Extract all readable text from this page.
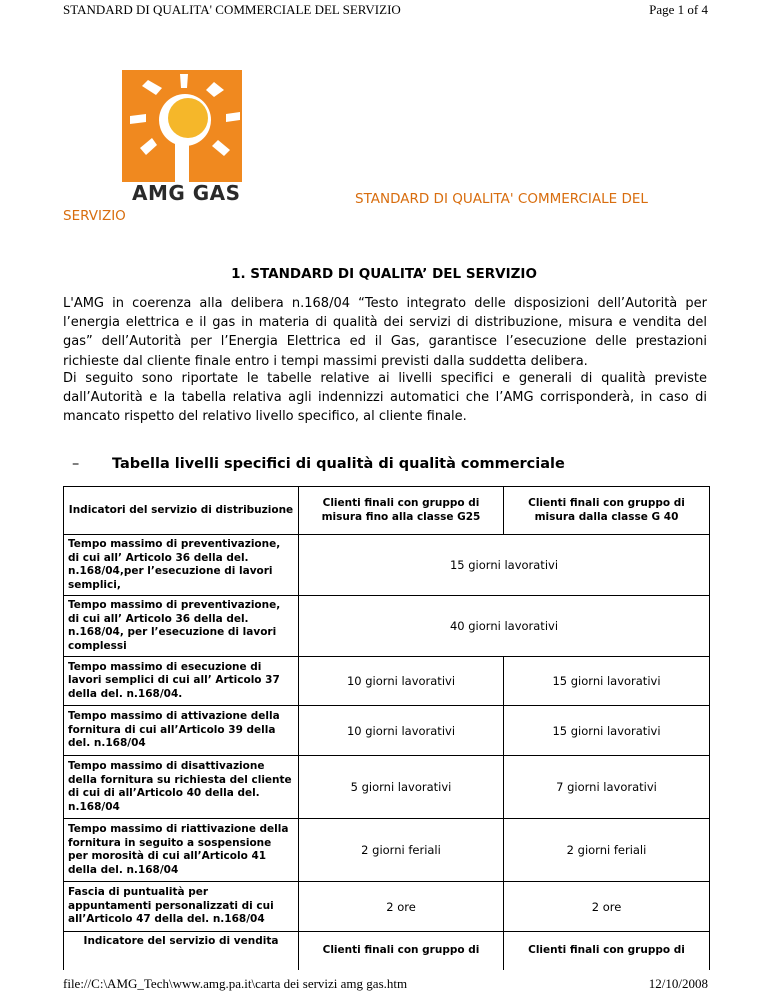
STANDARD DI QUALITA' COMMERCIALE DEL SERVIZIO	Page 1 of 4
AMG GAS	STANDARD DI QUALITA' COMMERCIALE DEL
SERVIZIO
1. STANDARD DI QUALITA’ DEL SERVIZIO
L'AMG in coerenza alla delibera n.168/04 “Testo integrato delle disposizioni dell’Autorità per l’energia elettrica e il gas in materia di qualità dei servizi di distribuzione, misura e vendita del gas” dell’Autorità per l’Energia Elettrica ed il Gas, garantisce l’esecuzione delle prestazioni richieste dal cliente finale entro i tempi massimi previsti dalla suddetta delibera.
Di seguito sono riportate le tabelle relative ai livelli specifici e generali di qualità previste dall’Autorità e la tabella relativa agli indennizzi automatici che l’AMG corrisponderà, in caso di mancato rispetto del relativo livello specifico, al cliente finale.
– Tabella livelli specifici di qualità di qualità commerciale
Indicatori del servizio di distribuzione	Clienti finali con gruppo di misura fino alla classe G25	Clienti finali con gruppo di misura dalla classe G 40
Tempo massimo di preventivazione, di cui all’ Articolo 36 della del. n.168/04,per l’esecuzione di lavori semplici,	15 giorni lavorativi	
Tempo massimo di preventivazione, di cui all’ Articolo 36 della del. n.168/04, per l’esecuzione di lavori complessi	40 giorni lavorativi	
Tempo massimo di esecuzione di lavori semplici di cui all’ Articolo 37 della del. n.168/04.	10 giorni lavorativi	15 giorni lavorativi
Tempo massimo di attivazione della fornitura di cui all’Articolo 39 della del. n.168/04	10 giorni lavorativi	15 giorni lavorativi
Tempo massimo di disattivazione della fornitura su richiesta del cliente di cui di all’Articolo 40 della del. n.168/04	5 giorni lavorativi	7 giorni lavorativi
Tempo massimo di riattivazione della fornitura in seguito a sospensione per morosità di cui all’Articolo 41 della del. n.168/04	2 giorni feriali	2 giorni feriali
Fascia di puntualità per appuntamenti personalizzati di cui all’Articolo 47 della del. n.168/04	2 ore	2 ore
Indicatore del servizio di vendita	Clienti finali con gruppo di	Clienti finali con gruppo di
file://C:\AMG_Tech\www.amg.pa.it\carta dei servizi amg gas.htm	12/10/2008
